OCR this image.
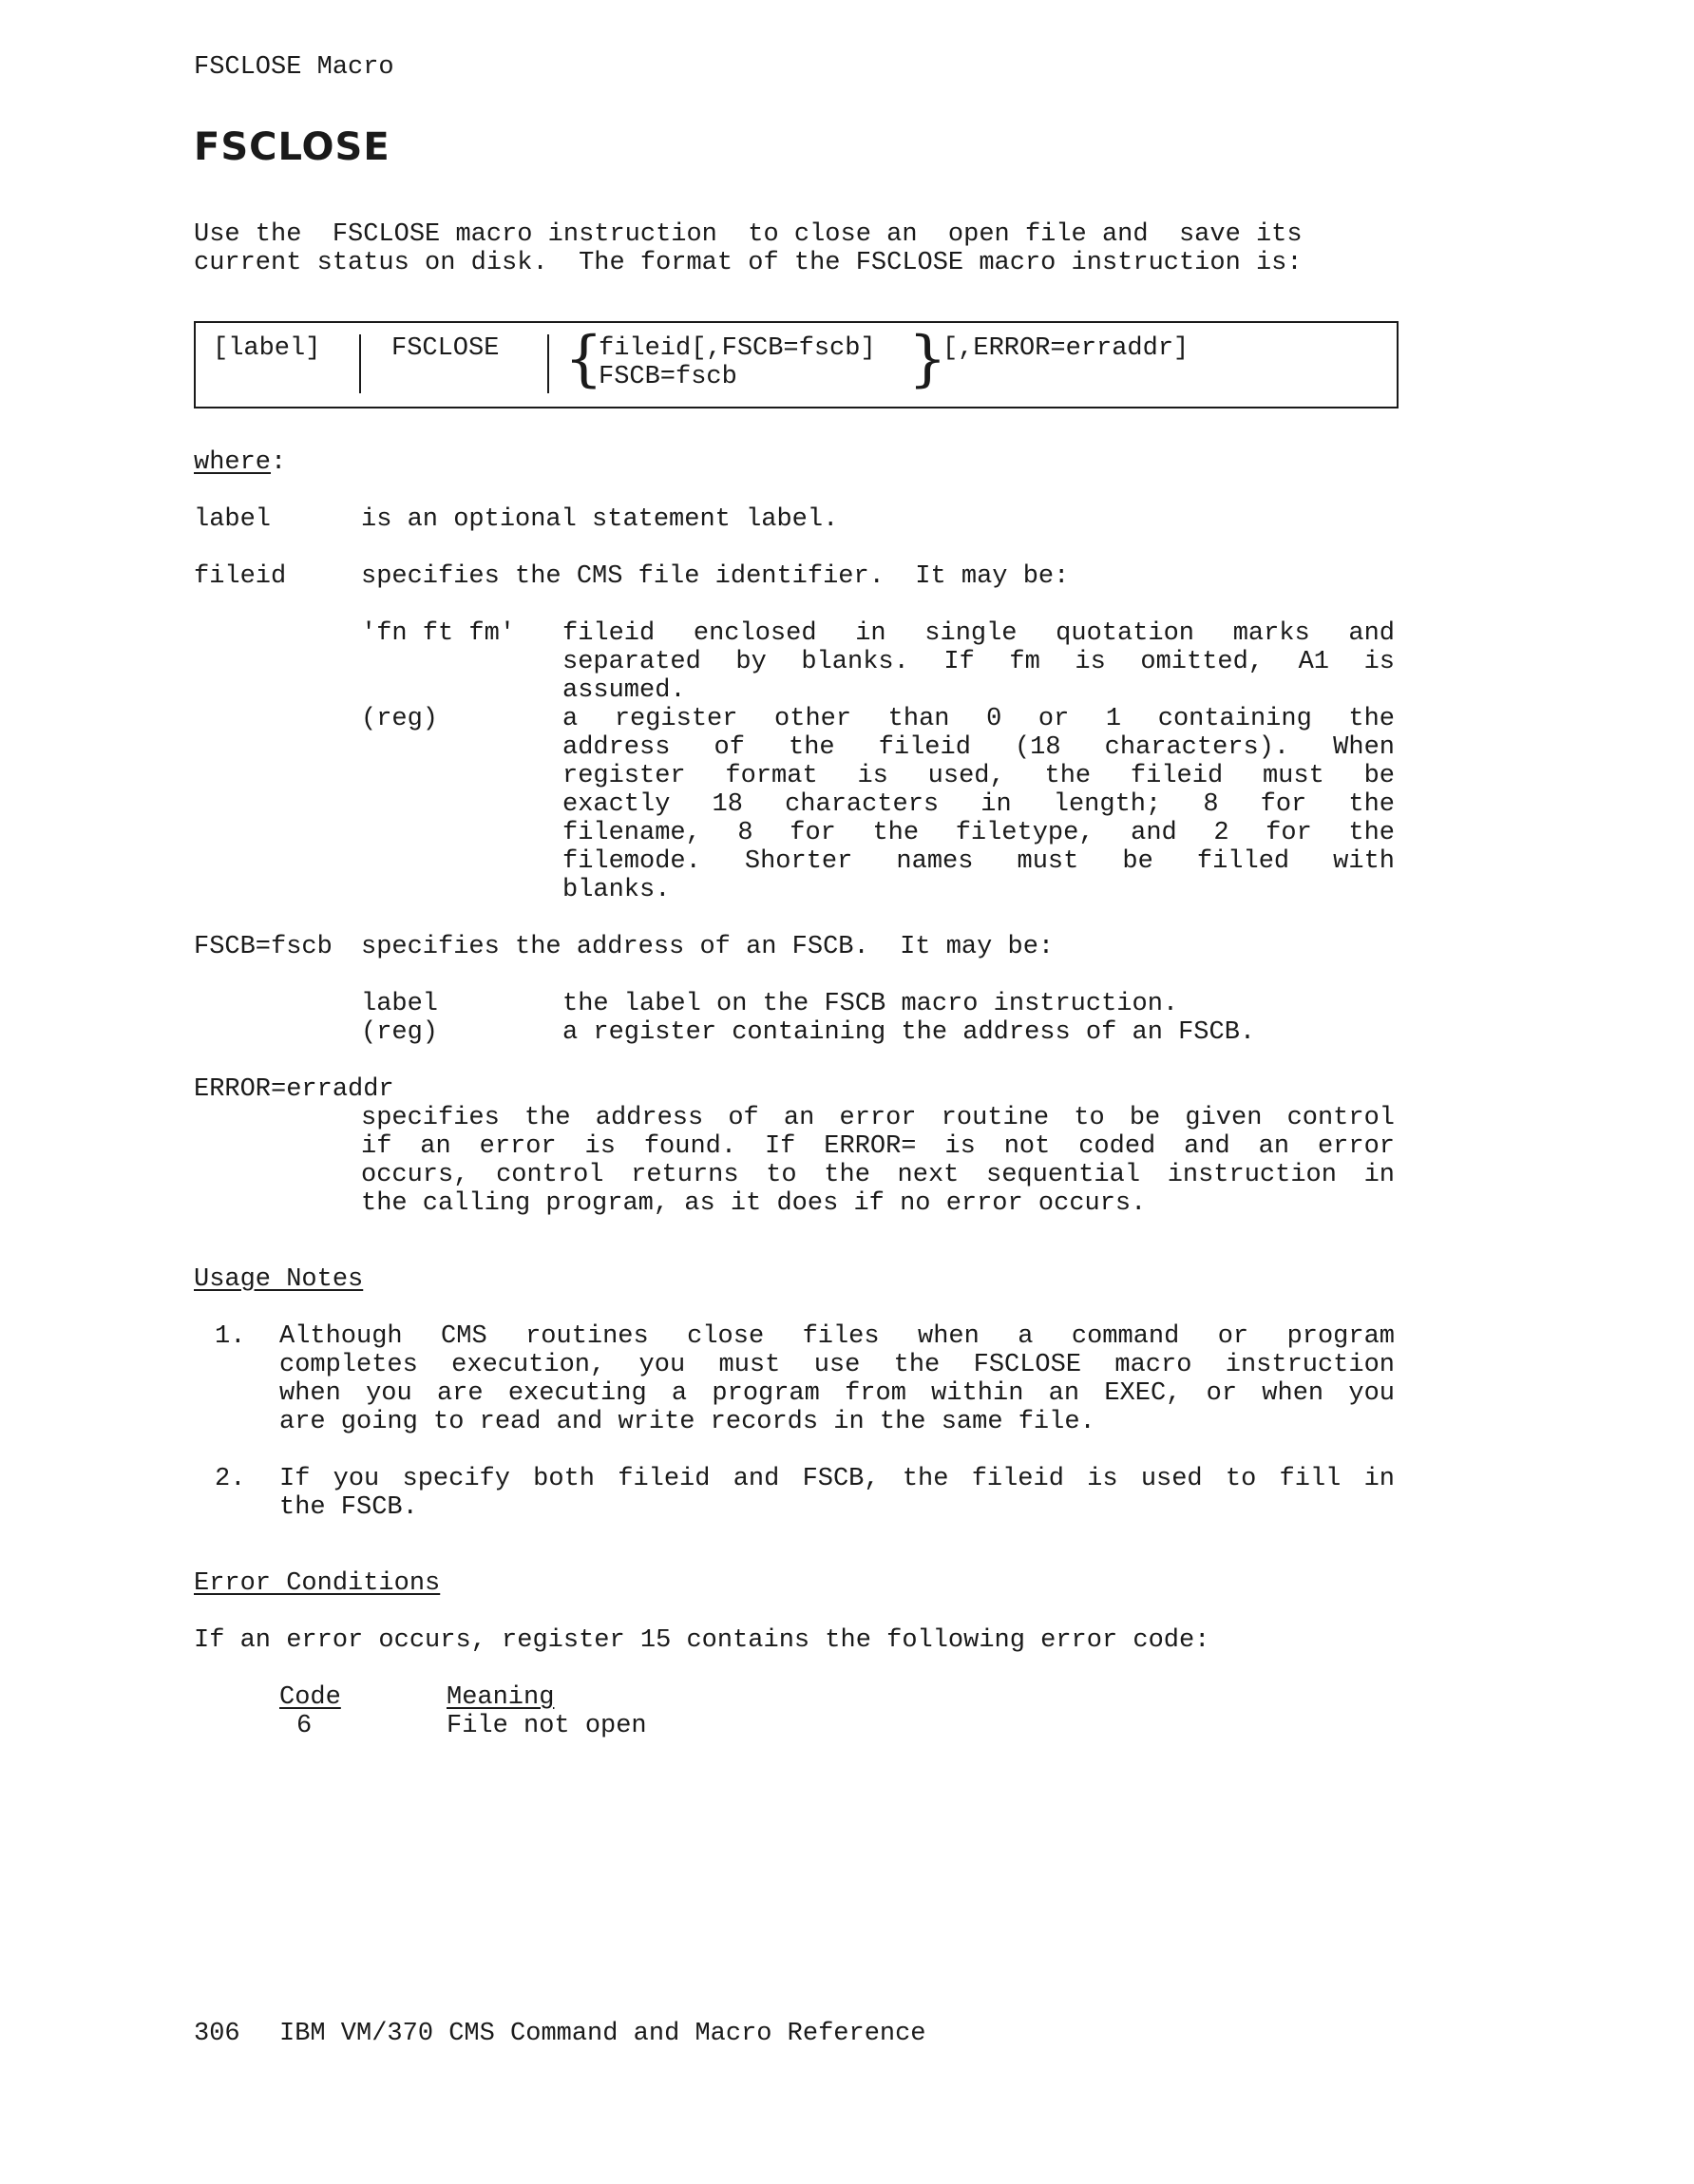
FSCLOSE Macro
FSCLOSE
Use the  FSCLOSE macro instruction  to close an  open file and  save its
current status on disk.  The format of the FSCLOSE macro instruction is:
[label]	FSCLOSE {
fileid[,FSCB=fscb]
FSCB=fscb	}
[,ERROR=erraddr]
where:
label	is an optional statement label.
fileid	specifies the CMS file identifier.  It may be:
'fn ft fm' fileid enclosed in single quotation marks and
separated by blanks. If fm is omitted, A1 is
assumed.
(reg)	a register other than 0 or 1 containing the
address of the fileid (18 characters). When
register format is used, the fileid must be
exactly 18 characters in length; 8 for the
filename, 8 for the filetype, and 2 for the
filemode. Shorter names must be filled with
blanks.
FSCB=fscb specifies the address of an FSCB.  It may be:
label	the label on the FSCB macro instruction.
(reg)	a register containing the address of an FSCB.
ERROR=erraddr
specifies the address of an error routine to be given control
if an error is found. If ERROR= is not coded and an error
occurs, control returns to the next sequential instruction in
the calling program, as it does if no error occurs.
Usage Notes
1. Although CMS routines close files when a command or program
completes execution, you must use the FSCLOSE macro instruction
when you are executing a program from within an EXEC, or when you
are going to read and write records in the same file.
2. If you specify both fileid and FSCB, the fileid is used to fill in
the FSCB.
Error Conditions
If an error occurs, register 15 contains the following error code:
Code	Meaning
6	File not open
306 IBM VM/370 CMS Command and Macro Reference
